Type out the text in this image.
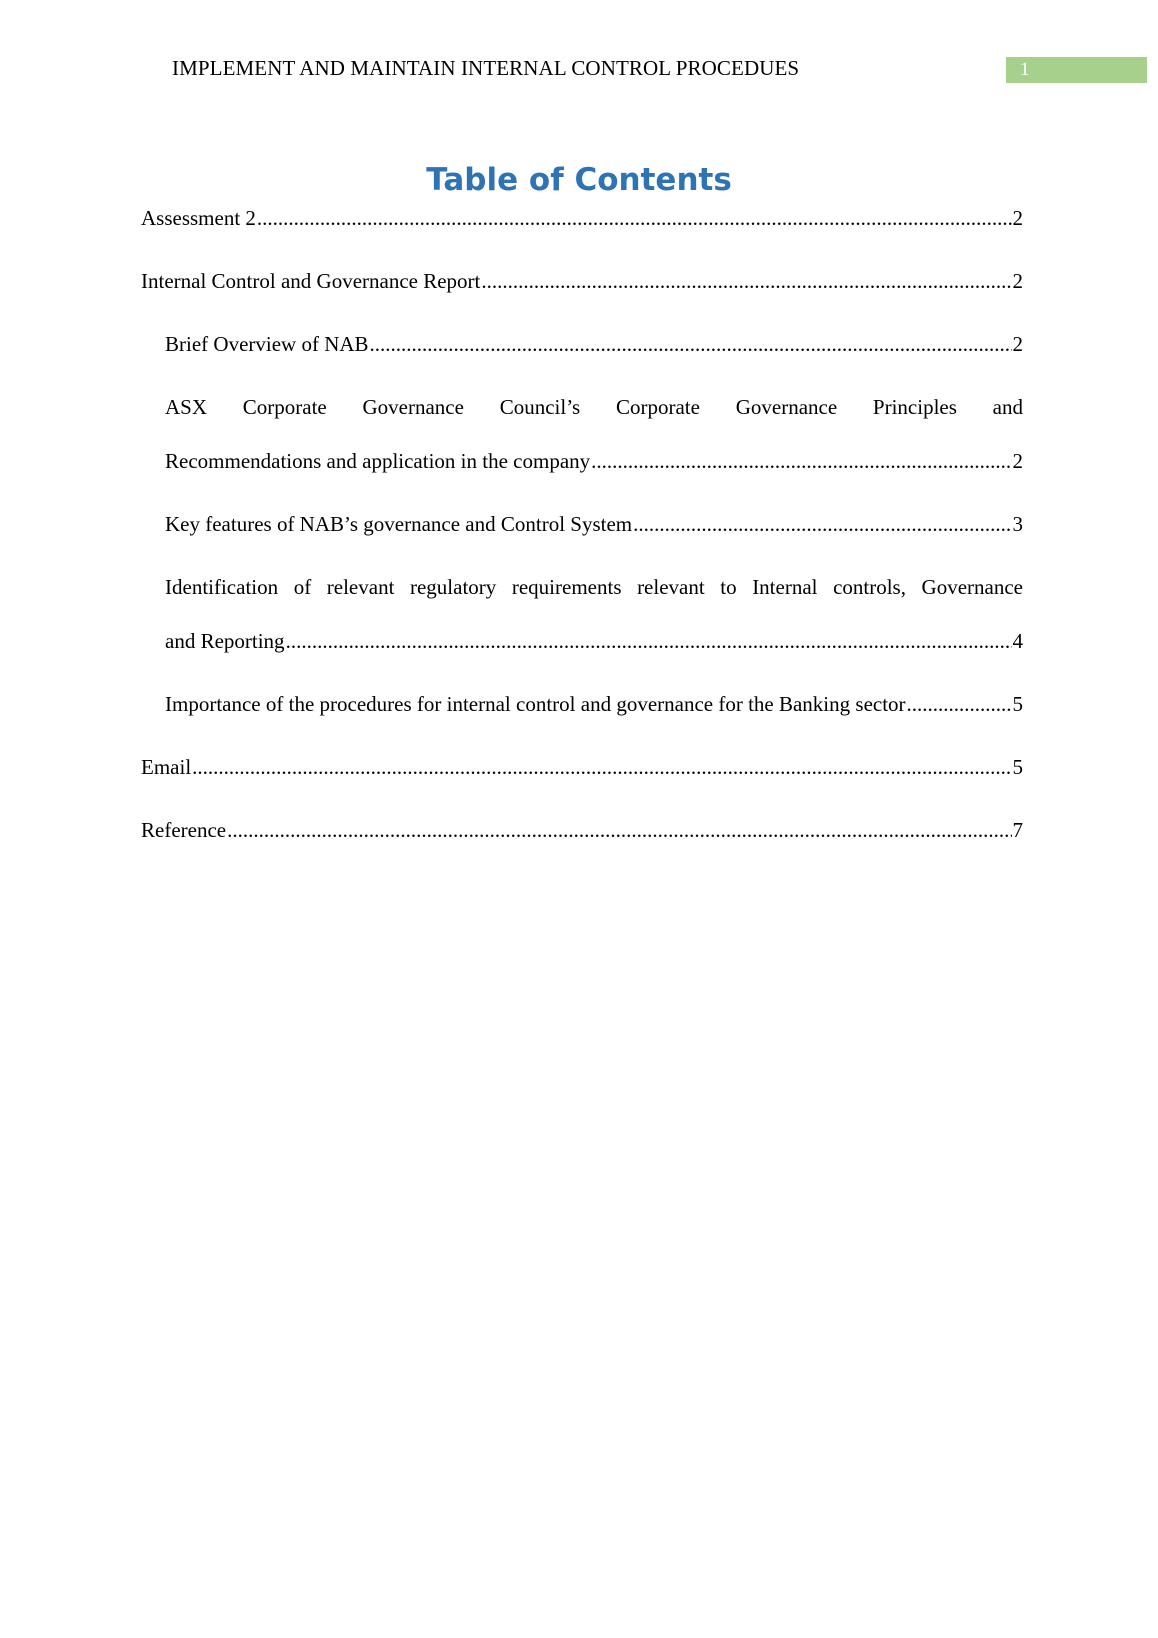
IMPLEMENT AND MAINTAIN INTERNAL CONTROL PROCEDUES	1
Table of Contents
Assessment 2 .....	2
Internal Control and Governance Report .....	2
Brief Overview of NAB .....	2
ASX Corporate Governance Council’s Corporate Governance Principles and
Recommendations and application in the company .....	2
Key features of NAB’s governance and Control System .....	3
Identification of relevant regulatory requirements relevant to Internal controls, Governance
and Reporting .....	4
Importance of the procedures for internal control and governance for the Banking sector .....	5
Email .....	5
Reference .....	7
